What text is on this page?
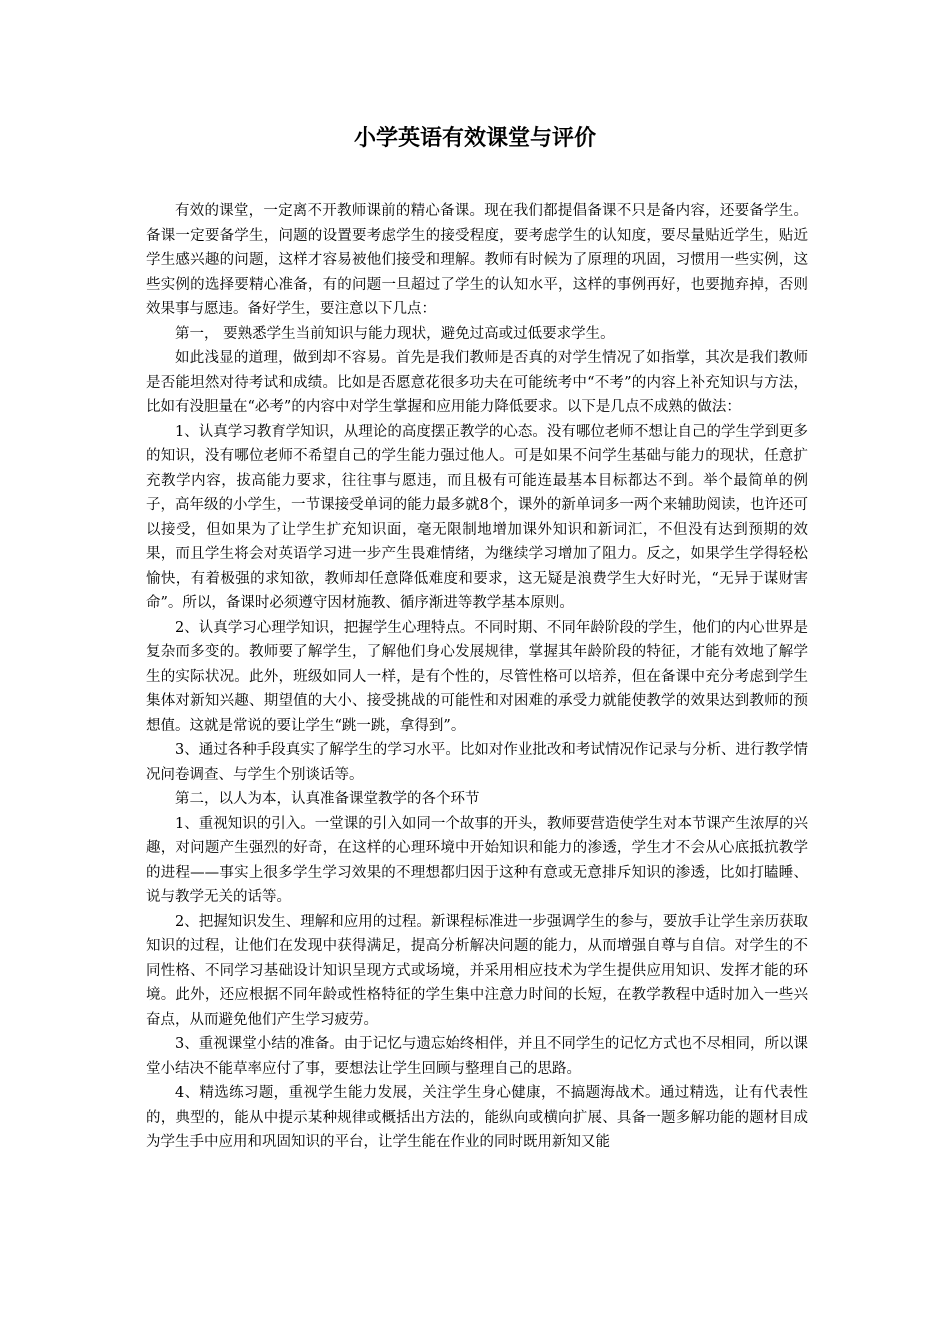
小学英语有效课堂与评价

有效的课堂，一定离不开教师课前的精心备课。现在我们都提倡备课不只是备内容，还要备学生。备课一定要备学生，问题的设置要考虑学生的接受程度，要考虑学生的认知度，要尽量贴近学生，贴近学生感兴趣的问题，这样才容易被他们接受和理解。教师有时候为了原理的巩固，习惯用一些实例，这些实例的选择要精心准备，有的问题一旦超过了学生的认知水平，这样的事例再好，也要抛弃掉，否则效果事与愿违。备好学生，要注意以下几点：

第一， 要熟悉学生当前知识与能力现状，避免过高或过低要求学生。

如此浅显的道理，做到却不容易。首先是我们教师是否真的对学生情况了如指掌，其次是我们教师是否能坦然对待考试和成绩。比如是否愿意花很多功夫在可能统考中“不考”的内容上补充知识与方法，比如有没胆量在“必考”的内容中对学生掌握和应用能力降低要求。以下是几点不成熟的做法：

1、认真学习教育学知识，从理论的高度摆正教学的心态。没有哪位老师不想让自己的学生学到更多的知识，没有哪位老师不希望自己的学生能力强过他人。可是如果不问学生基础与能力的现状，任意扩充教学内容，拔高能力要求，往往事与愿违，而且极有可能连最基本目标都达不到。举个最简单的例子，高年级的小学生，一节课接受单词的能力最多就8个，课外的新单词多一两个来辅助阅读，也许还可以接受，但如果为了让学生扩充知识面，毫无限制地增加课外知识和新词汇，不但没有达到预期的效果，而且学生将会对英语学习进一步产生畏难情绪，为继续学习增加了阻力。反之，如果学生学得轻松愉快，有着极强的求知欲，教师却任意降低难度和要求，这无疑是浪费学生大好时光，“无异于谋财害命”。所以，备课时必须遵守因材施教、循序渐进等教学基本原则。

2、认真学习心理学知识，把握学生心理特点。不同时期、不同年龄阶段的学生，他们的内心世界是复杂而多变的。教师要了解学生，了解他们身心发展规律，掌握其年龄阶段的特征，才能有效地了解学生的实际状况。此外，班级如同人一样，是有个性的，尽管性格可以培养，但在备课中充分考虑到学生集体对新知兴趣、期望值的大小、接受挑战的可能性和对困难的承受力就能使教学的效果达到教师的预想值。这就是常说的要让学生“跳一跳，拿得到”。

3、通过各种手段真实了解学生的学习水平。比如对作业批改和考试情况作记录与分析、进行教学情况问卷调查、与学生个别谈话等。

第二，以人为本，认真准备课堂教学的各个环节

1、重视知识的引入。一堂课的引入如同一个故事的开头，教师要营造使学生对本节课产生浓厚的兴趣，对问题产生强烈的好奇，在这样的心理环境中开始知识和能力的渗透，学生才不会从心底抵抗教学的进程——事实上很多学生学习效果的不理想都归因于这种有意或无意排斥知识的渗透，比如打瞌睡、说与教学无关的话等。

2、把握知识发生、理解和应用的过程。新课程标准进一步强调学生的参与，要放手让学生亲历获取知识的过程，让他们在发现中获得满足，提高分析解决问题的能力，从而增强自尊与自信。对学生的不同性格、不同学习基础设计知识呈现方式或场境，并采用相应技术为学生提供应用知识、发挥才能的环境。此外，还应根据不同年龄或性格特征的学生集中注意力时间的长短，在教学教程中适时加入一些兴奋点，从而避免他们产生学习疲劳。

3、重视课堂小结的准备。由于记忆与遗忘始终相伴，并且不同学生的记忆方式也不尽相同，所以课堂小结决不能草率应付了事，要想法让学生回顾与整理自己的思路。

4、精选练习题，重视学生能力发展，关注学生身心健康，不搞题海战术。通过精选，让有代表性的，典型的，能从中提示某种规律或概括出方法的，能纵向或横向扩展、具备一题多解功能的题材目成为学生手中应用和巩固知识的平台，让学生能在作业的同时既用新知又能
